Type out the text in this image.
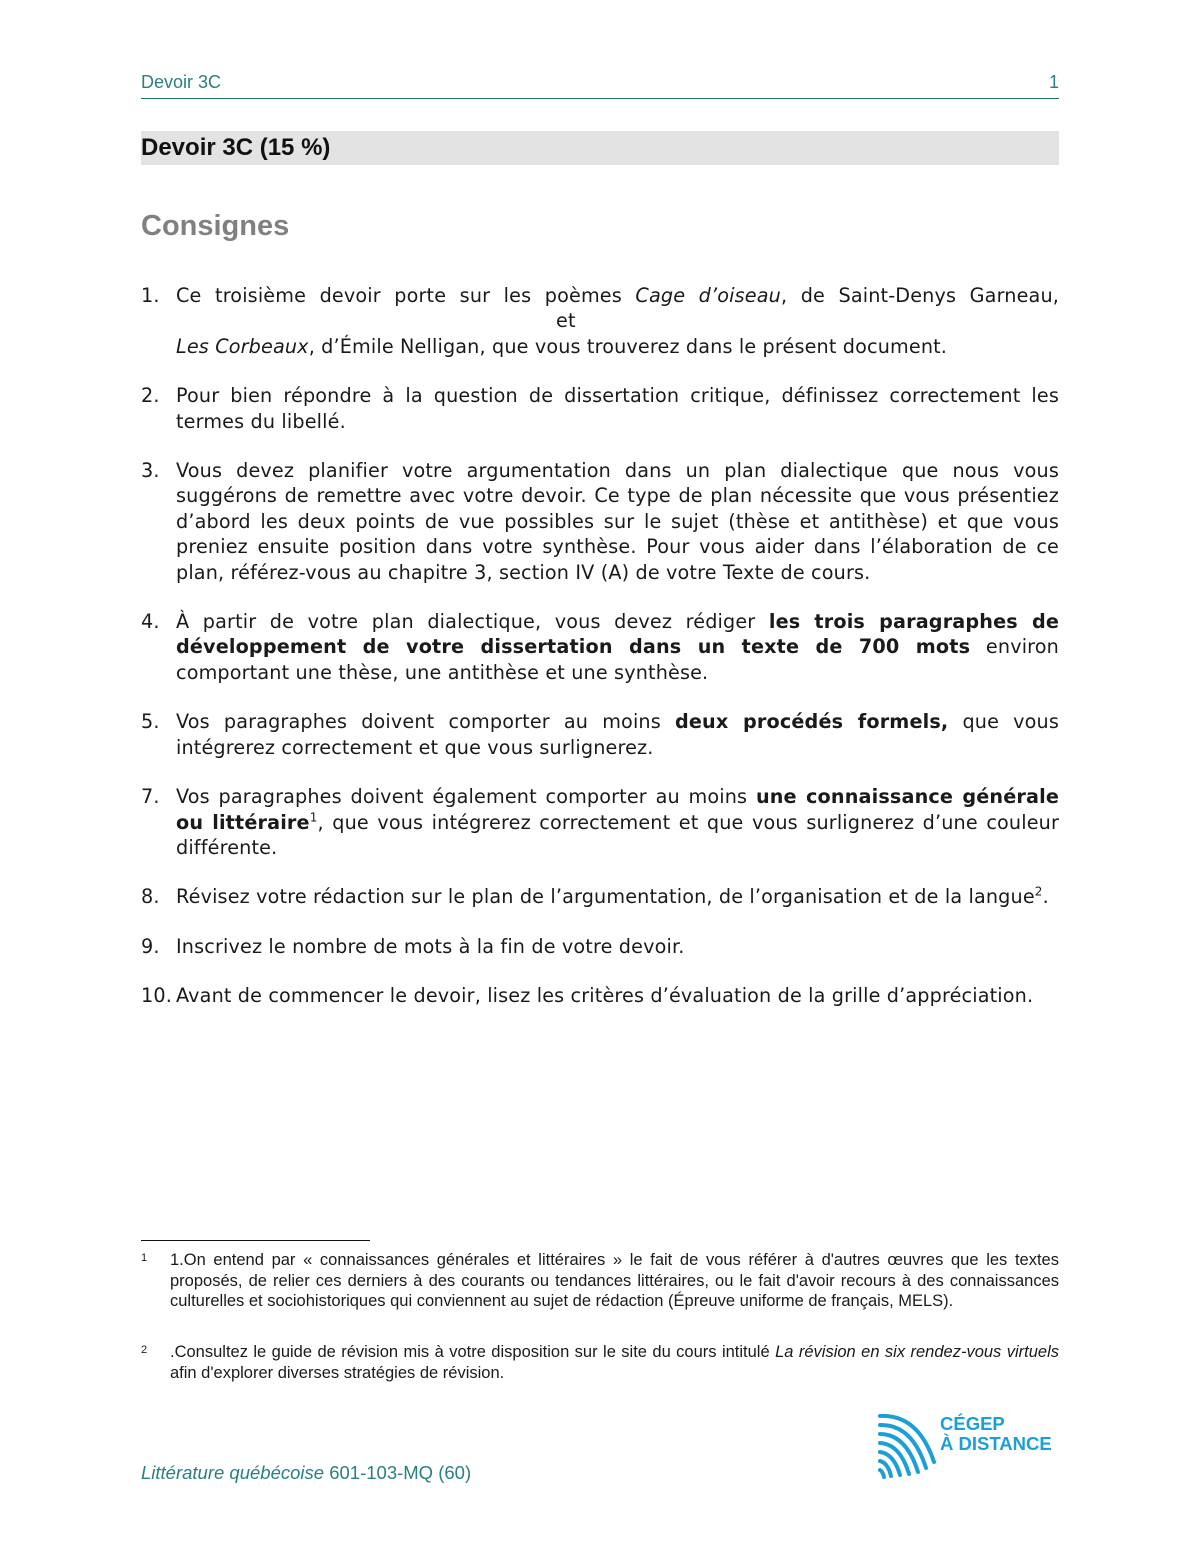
Devoir 3C	1
Devoir 3C (15 %)
Consignes
1. Ce troisième devoir porte sur les poèmes Cage d’oiseau, de Saint-Denys Garneau,et
Les Corbeaux, d’Émile Nelligan, que vous trouverez dans le présent document.
2. Pour bien répondre à la question de dissertation critique, définissez correctement les termes du libellé.
3. Vous devez planifier votre argumentation dans un plan dialectique que nous vous suggérons de remettre avec votre devoir. Ce type de plan nécessite que vous présentiez d’abord les deux points de vue possibles sur le sujet (thèse et antithèse) et que vous preniez ensuite position dans votre synthèse. Pour vous aider dans l’élaboration de ce plan, référez-vous au chapitre 3, section IV (A) de votre Texte de cours.
4. À partir de votre plan dialectique, vous devez rédiger les trois paragraphes de développement de votre dissertation dans un texte de 700 mots environ comportant une thèse, une antithèse et une synthèse.
5. Vos paragraphes doivent comporter au moins deux procédés formels, que vous intégrerez correctement et que vous surlignerez.
7. Vos paragraphes doivent également comporter au moins une connaissance générale ou littéraire$^1$, que vous intégrerez correctement et que vous surlignerez d’une couleur différente.
8. Révisez votre rédaction sur le plan de l’argumentation, de l’organisation et de la langue$^2$.
9. Inscrivez le nombre de mots à la fin de votre devoir.
10. Avant de commencer le devoir, lisez les critères d’évaluation de la grille d’appréciation.
1 1.On entend par « connaissances générales et littéraires » le fait de vous référer à d'autres œuvres que les textes proposés, de relier ces derniers à des courants ou tendances littéraires, ou le fait d'avoir recours à des connaissances culturelles et sociohistoriques qui conviennent au sujet de rédaction (Épreuve uniforme de français, MELS).
2 .Consultez le guide de révision mis à votre disposition sur le site du cours intitulé La révision en six rendez-vous virtuels afin d'explorer diverses stratégies de révision.
Littérature québécoise 601-103-MQ (60)
CÉGEP
À DISTANCE
